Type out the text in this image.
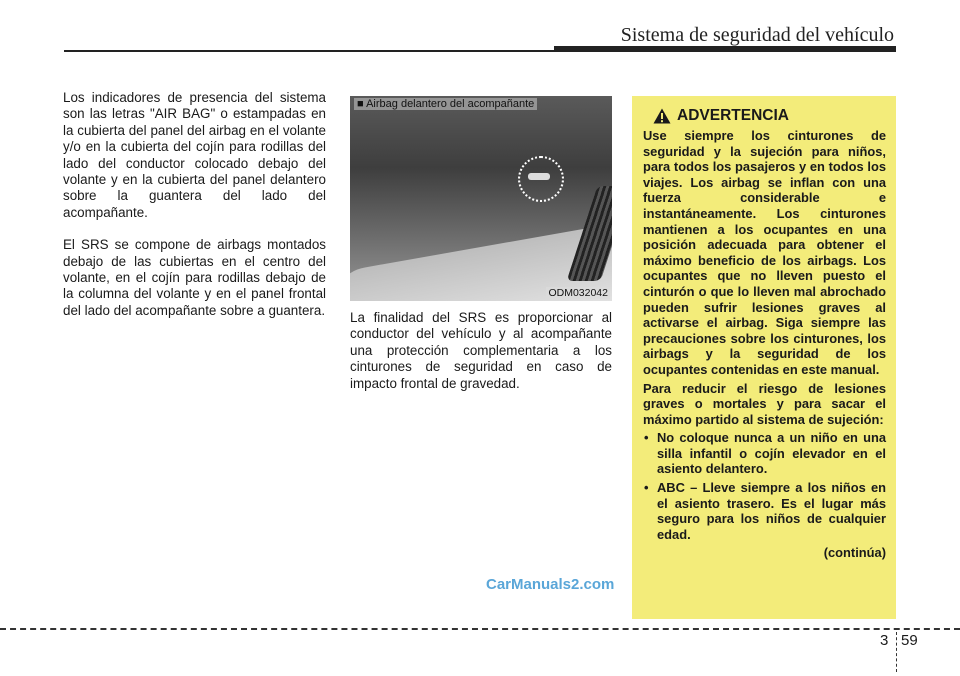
Sistema de seguridad del vehículo

Los indicadores de presencia del sistema son las letras "AIR BAG" o estampadas en la cubierta del panel del airbag en el volante y/o en la cubierta del cojín para rodillas del lado del conductor colocado debajo del volante y en la cubierta del panel delantero sobre la guantera del lado del acompañante.

El SRS se compone de airbags montados debajo de las cubiertas en el centro del volante, en el cojín para rodillas debajo de la columna del volante y en el panel frontal del lado del acompañante sobre a guantera.

■ Airbag delantero del acompañante
ODM032042

La finalidad del SRS es proporcionar al conductor del vehículo y al acompañante una protección complementaria a los cinturones de seguridad en caso de impacto frontal de gravedad.

CarManuals2.com
ADVERTENCIA

Use siempre los cinturones de seguridad y la sujeción para niños, para todos los pasajeros y en todos los viajes. Los airbag se inflan con una fuerza considerable e instantáneamente. Los cinturones mantienen a los ocupantes en una posición adecuada para obtener el máximo beneficio de los airbags. Los ocupantes que no lleven puesto el cinturón o que lo lleven mal abrochado pueden sufrir lesiones graves al activarse el airbag. Siga siempre las precauciones sobre los cinturones, los airbags y la seguridad de los ocupantes contenidas en este manual.

Para reducir el riesgo de lesiones graves o mortales y para sacar el máximo partido al sistema de sujeción:

• No coloque nunca a un niño en una silla infantil o cojín elevador en el asiento delantero.
• ABC – Lleve siempre a los niños en el asiento trasero. Es el lugar más seguro para los niños de cualquier edad.
(continúa)
3 59
